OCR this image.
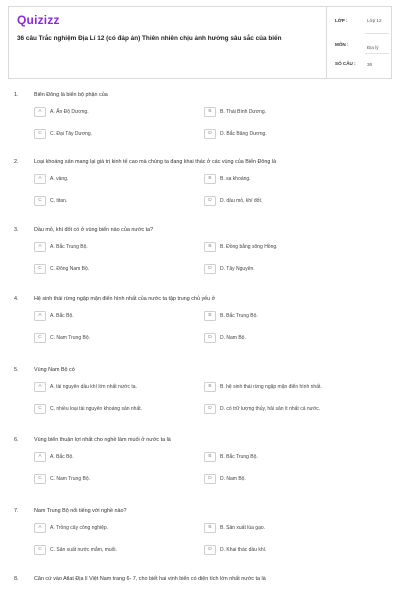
Quizizz
36 câu Trắc nghiệm Địa Lí 12 (có đáp án) Thiên nhiên chịu ảnh hưởng sâu sắc của biển
LỚP :	Lớp 12
MÔN :
Địa lý
SỐ CÂU :	36
1.	Biển Đông là biển bộ phận của
A	A. Ấn Độ Dương.	B	B. Thái Bình Dương.
C	C. Đại Tây Dương.	D	D. Bắc Băng Dương.
2.	Loại khoáng sản mang lại giá trị kinh tế cao mà chúng ta đang khai thác ở các vùng của Biển Đông là
A	A. vàng.	B	B. sa khoáng.
C	C. titan.	D	D. dầu mỏ, khí đốt.
3.	Dầu mỏ, khí đốt có ở vùng biển nào của nước ta?
A	A. Bắc Trung Bộ.	B	B. Đồng bằng sông Hồng.
C	C. Đông Nam Bộ.	D	D. Tây Nguyên.
4.	Hệ sinh thái rừng ngập mặn điển hình nhất của nước ta tập trung chủ yếu ở
A	A. Bắc Bộ.	B	B. Bắc Trung Bộ.
C	C. Nam Trung Bộ.	D	D. Nam Bộ.
5.	Vùng Nam Bộ có
A	A. tài nguyên dầu khí lớn nhất nước ta.	B	B. hệ sinh thái rừng ngập mặn điển hình nhất.
C	C. nhiều loại tài nguyên khoáng sản nhất.	D	D. có trữ lượng thủy, hải sản ít nhất cả nước.
6.	Vùng biển thuận lợi nhất cho nghề làm muối ở nước ta là
A	A. Bắc Bộ.	B	B. Bắc Trung Bộ.
C	C. Nam Trung Bộ.	D	D. Nam Bộ.
7.	Nam Trung Bộ nổi tiếng với nghề nào?
A	A. Trồng cây công nghiệp.	B	B. Sản xuất lúa gạo.
C	C. Sản xuất nước mắm, muối.	D	D. Khai thác dầu khí.
8.	Căn cứ vào Atlat Địa lí Việt Nam trang 6- 7, cho biết hai vịnh biển có diện tích lớn nhất nước ta là
